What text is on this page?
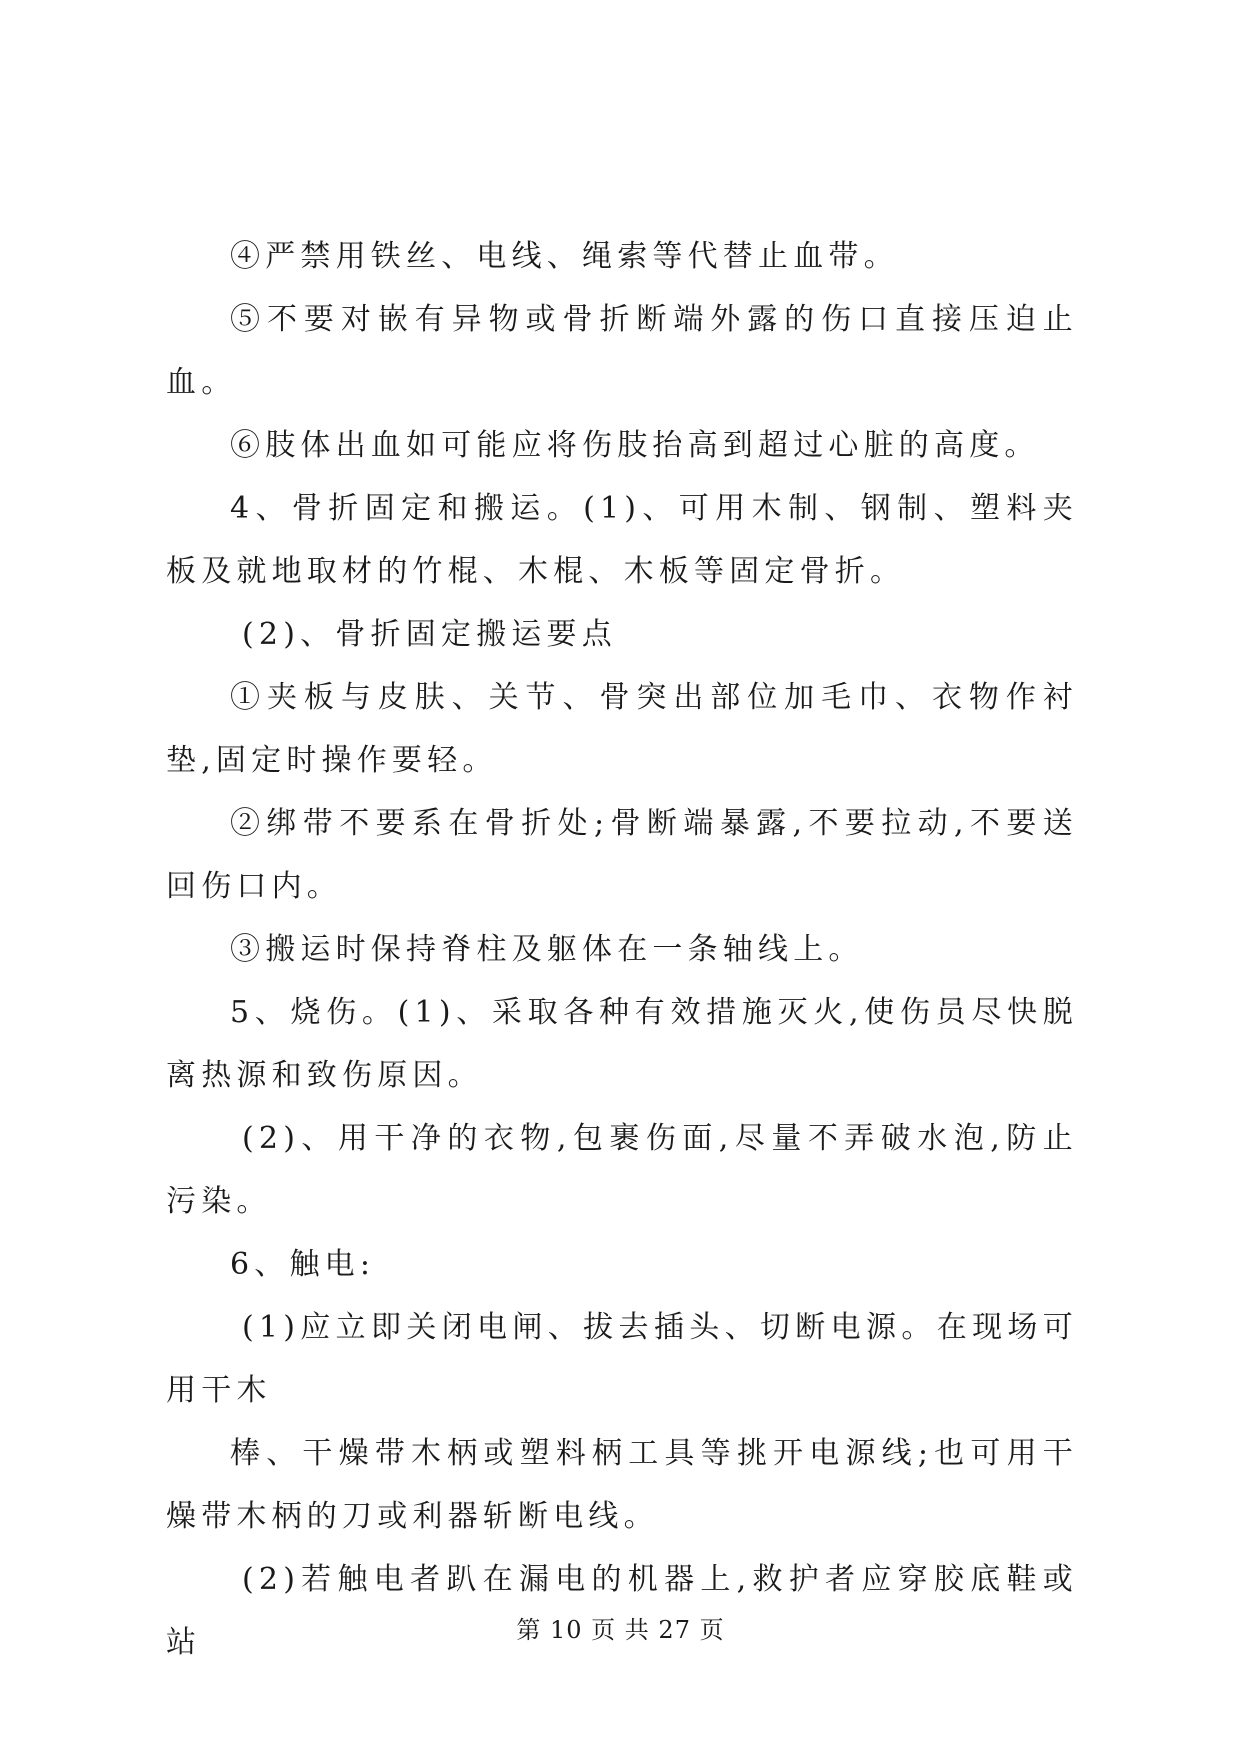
④严禁用铁丝、电线、绳索等代替止血带。

⑤不要对嵌有异物或骨折断端外露的伤口直接压迫止血。

⑥肢体出血如可能应将伤肢抬高到超过心脏的高度。

4、骨折固定和搬运。(1)、可用木制、钢制、塑料夹板及就地取材的竹棍、木棍、木板等固定骨折。

(2)、骨折固定搬运要点

①夹板与皮肤、关节、骨突出部位加毛巾、衣物作衬垫,固定时操作要轻。

②绑带不要系在骨折处;骨断端暴露,不要拉动,不要送回伤口内。

③搬运时保持脊柱及躯体在一条轴线上。

5、烧伤。(1)、采取各种有效措施灭火,使伤员尽快脱离热源和致伤原因。

(2)、用干净的衣物,包裹伤面,尽量不弄破水泡,防止污染。

6、触电:

(1)应立即关闭电闸、拔去插头、切断电源。在现场可用干木

棒、干燥带木柄或塑料柄工具等挑开电源线;也可用干燥带木柄的刀或利器斩断电线。

(2)若触电者趴在漏电的机器上,救护者应穿胶底鞋或站	第 10 页 共 27 页
